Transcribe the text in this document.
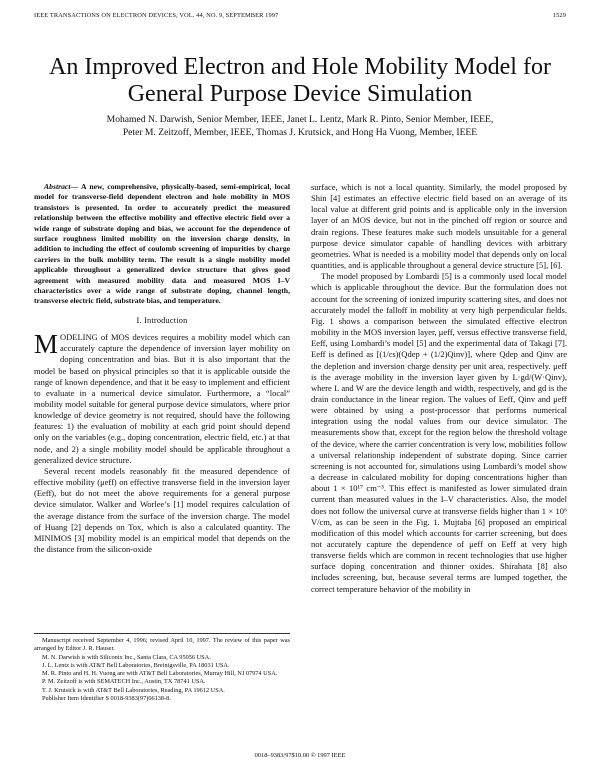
IEEE TRANSACTIONS ON ELECTRON DEVICES, VOL. 44, NO. 9, SEPTEMBER 1997	1529
An Improved Electron and Hole Mobility Model for General Purpose Device Simulation
Mohamed N. Darwish, Senior Member, IEEE, Janet L. Lentz, Mark R. Pinto, Senior Member, IEEE,
Peter M. Zeitzoff, Member, IEEE, Thomas J. Krutsick, and Hong Ha Vuong, Member, IEEE

Abstract— A new, comprehensive, physically-based, semi-empirical, local model for transverse-field dependent electron and hole mobility in MOS transistors is presented. In order to accurately predict the measured relationship between the effective mobility and effective electric field over a wide range of substrate doping and bias, we account for the dependence of surface roughness limited mobility on the inversion charge density, in addition to including the effect of coulomb screening of impurities by charge carriers in the bulk mobility term. The result is a single mobility model applicable throughout a generalized device structure that gives good agreement with measured mobility data and measured MOS I–V characteristics over a wide range of substrate doping, channel length, transverse electric field, substrate bias, and temperature.

I. Introduction

MODELING of MOS devices requires a mobility model which can accurately capture the dependence of inversion layer mobility on doping concentration and bias. But it is also important that the model be based on physical principles so that it is applicable outside the range of known dependence, and that it be easy to implement and efficient to evaluate in a numerical device simulator. Furthermore, a “local” mobility model suitable for general purpose device simulators, where prior knowledge of device geometry is not required, should have the following features: 1) the evaluation of mobility at each grid point should depend only on the variables (e.g., doping concentration, electric field, etc.) at that node, and 2) a single mobility model should be applicable throughout a generalized device structure.

Several recent models reasonably fit the measured dependence of effective mobility (μeff) on effective transverse field in the inversion layer (Eeff), but do not meet the above requirements for a general purpose device simulator. Walker and Worlee’s [1] model requires calculation of the average distance from the surface of the inversion charge. The model of Huang [2] depends on Tox, which is also a calculated quantity. The MINIMOS [3] mobility model is an empirical model that depends on the the distance from the silicon-oxide

surface, which is not a local quantity. Similarly, the model proposed by Shin [4] estimates an effective electric field based on an average of its local value at different grid points and is applicable only in the inversion layer of an MOS device, but not in the pinched off region or source and drain regions. These features make such models unsuitable for a general purpose device simulator capable of handling devices with arbitrary geometries. What is needed is a mobility model that depends only on local quantities, and is applicable throughout a general device structure [5], [6].

The model proposed by Lombardi [5] is a commonly used local model which is applicable throughout the device. But the formulation does not account for the screening of ionized impurity scattering sites, and does not accurately model the falloff in mobility at very high perpendicular fields. Fig. 1 shows a comparison between the simulated effective electron mobility in the MOS inversion layer, μeff, versus effective transverse field, Eeff, using Lombardi’s model [5] and the experimental data of Takagi [7]. Eeff is defined as [(1/εs)(Qdep + (1/2)Qinv)], where Qdep and Qinv are the depletion and inversion charge density per unit area, respectively. μeff is the average mobility in the inversion layer given by L·gd/(W·Qinv), where L and W are the device length and width, respectively, and gd is the drain conductance in the linear region. The values of Eeff, Qinv and μeff were obtained by using a post-processor that performs numerical integration using the nodal values from our device simulator. The measurements show that, except for the region below the threshold voltage of the device, where the carrier concentration is very low, mobilities follow a universal relationship independent of substrate doping. Since carrier screening is not accounted for, simulations using Lombardi’s model show a decrease in calculated mobility for doping concentrations higher than about 1 × 10¹⁷ cm⁻³. This effect is manifested as lower simulated drain current than measured values in the I–V characteristics. Also, the model does not follow the universal curve at transverse fields higher than 1 × 10⁶ V/cm, as can be seen in the Fig. 1. Mujtaba [6] proposed an empirical modification of this model which accounts for carrier screening, but does not accurately capture the dependence of μeff on Eeff at very high transverse fields which are common in recent technologies that use higher surface doping concentration and thinner oxides. Shirahata [8] also includes screening, but, because several terms are lumped together, the correct temperature behavior of the mobility in

Manuscript received September 4, 1996; revised April 10, 1997. The review of this paper was arranged by Editor J. R. Hauser.

M. N. Darwish is with Siliconix Inc., Santa Clara, CA 95056 USA.

J. L. Lentz is with AT&T Bell Laboratories, Breinigsville, PA 18031 USA.

M. R. Pinto and H. H. Vuong are with AT&T Bell Laboratories, Murray Hill, NJ 07974 USA.

P. M. Zeitzoff is with SEMATECH Inc., Austin, TX 78741 USA.

T. J. Krutsick is with AT&T Bell Laboratories, Reading, PA 19612 USA.

Publisher Item Identifier S 0018-9383(97)06138-8.

0018–9383/97$10.00 © 1997 IEEE
